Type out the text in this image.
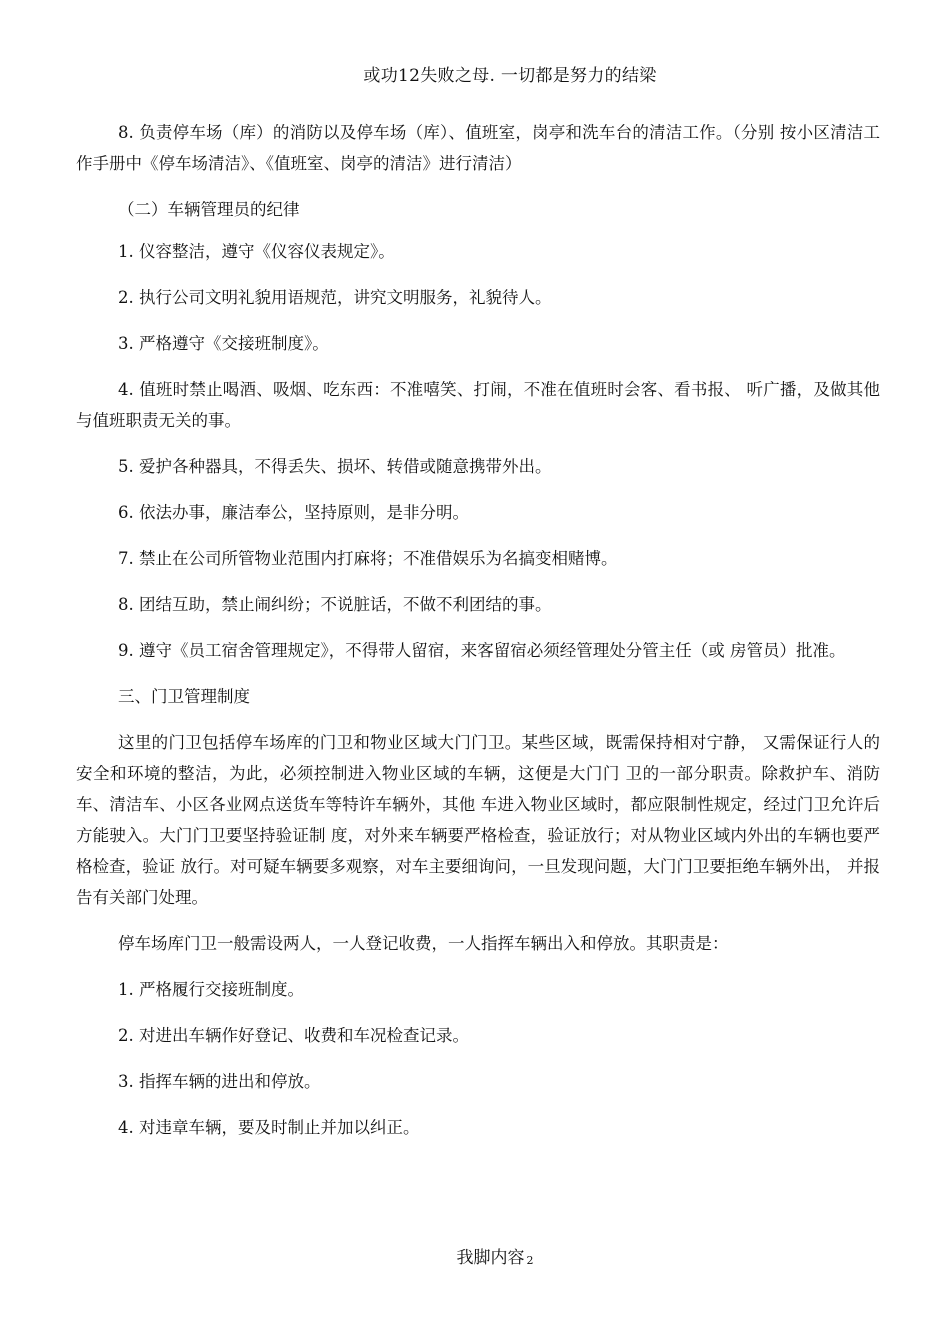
或功12失败之母. 一切都是努力的结梁

8. 负责停车场（库）的消防以及停车场（库）、值班室，岗亭和洗车台的清洁工作。（分别 按小区清洁工作手册中《停车场清洁》、《值班室、岗亭的清洁》进行清洁）

（二）车辆管理员的纪律

1. 仪容整洁，遵守《仪容仪表规定》。

2. 执行公司文明礼貌用语规范，讲究文明服务，礼貌待人。

3. 严格遵守《交接班制度》。

4. 值班时禁止喝酒、吸烟、吃东西：不准嘻笑、打闹，不准在值班时会客、看书报、 听广播，及做其他与值班职责无关的事。

5. 爱护各种器具，不得丢失、损坏、转借或随意携带外出。

6. 依法办事，廉洁奉公，坚持原则，是非分明。

7. 禁止在公司所管物业范围内打麻将；不准借娱乐为名搞变相赌博。

8. 团结互助，禁止闹纠纷；不说脏话，不做不利团结的事。

9. 遵守《员工宿舍管理规定》，不得带人留宿，来客留宿必须经管理处分管主任（或 房管员）批准。

三、门卫管理制度

这里的门卫包括停车场库的门卫和物业区域大门门卫。某些区域，既需保持相对宁静， 又需保证行人的安全和环境的整洁，为此，必须控制进入物业区域的车辆，这便是大门门 卫的一部分职责。除救护车、消防车、清洁车、小区各业网点送货车等特许车辆外，其他 车进入物业区域时，都应限制性规定，经过门卫允许后方能驶入。大门门卫要坚持验证制 度，对外来车辆要严格检查，验证放行；对从物业区域内外出的车辆也要严格检查，验证 放行。对可疑车辆要多观察，对车主要细询问，一旦发现问题，大门门卫要拒绝车辆外出， 并报告有关部门处理。

停车场库门卫一般需设两人，一人登记收费，一人指挥车辆出入和停放。其职责是：

1. 严格履行交接班制度。

2. 对进出车辆作好登记、收费和车况检查记录。

3. 指挥车辆的进出和停放。

4. 对违章车辆，要及时制止并加以纠正。

我脚内容 2
